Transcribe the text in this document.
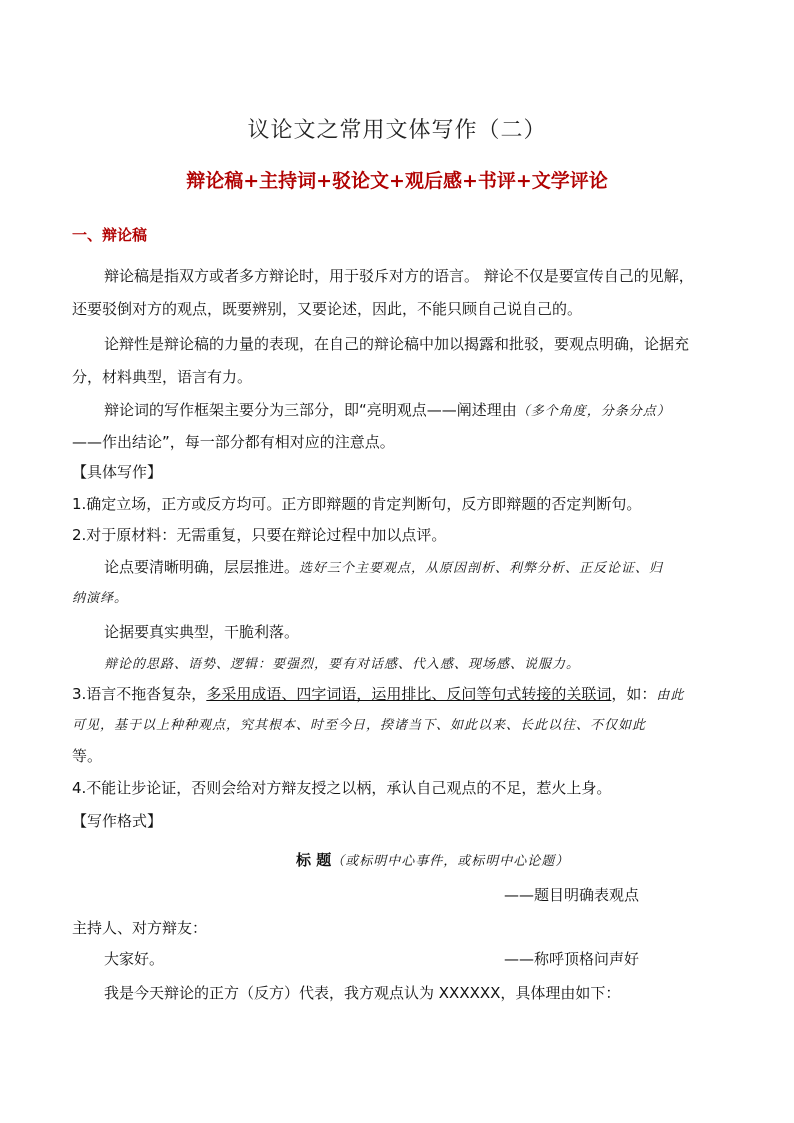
议论文之常用文体写作（二）
辩论稿+主持词+驳论文+观后感+书评+文学评论
一、辩论稿
辩论稿是指双方或者多方辩论时，用于驳斥对方的语言。 辩论不仅是要宣传自己的见解，
还要驳倒对方的观点，既要辨别，又要论述，因此，不能只顾自己说自己的。
论辩性是辩论稿的力量的表现，在自己的辩论稿中加以揭露和批驳，要观点明确，论据充
分，材料典型，语言有力。
辩论词的写作框架主要分为三部分，即“亮明观点——阐述理由（多个角度，分条分点）
——作出结论”，每一部分都有相对应的注意点。
【具体写作】
1.确定立场，正方或反方均可。正方即辩题的肯定判断句，反方即辩题的否定判断句。
2.对于原材料：无需重复，只要在辩论过程中加以点评。
论点要清晰明确，层层推进。选好三个主要观点，从原因剖析、利弊分析、正反论证、归
纳演绎。
论据要真实典型，干脆利落。
辩论的思路、语势、逻辑：要强烈，要有对话感、代入感、现场感、说服力。
3.语言不拖沓复杂，多采用成语、四字词语，运用排比、反问等句式转接的关联词，如：由此
可见，基于以上种种观点，究其根本、时至今日，揆诸当下、如此以来、长此以往、不仅如此
等。
4.不能让步论证，否则会给对方辩友授之以柄，承认自己观点的不足，惹火上身。
【写作格式】
标 题（或标明中心事件，或标明中心论题）
——题目明确表观点
主持人、对方辩友：
大家好。	——称呼顶格问声好
我是今天辩论的正方（反方）代表，我方观点认为 XXXXXX，具体理由如下：
